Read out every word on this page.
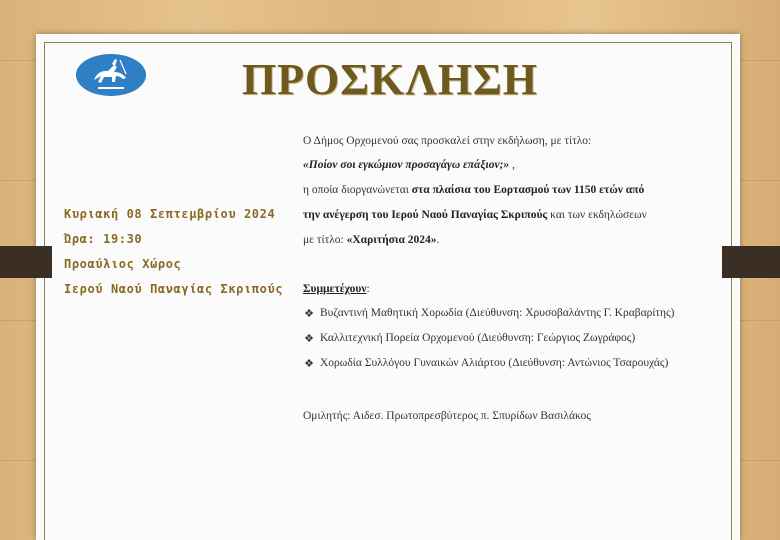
ΠΡΟΣΚΛΗΣΗ
Κυριακή 08 Σεπτεμβρίου 2024
Ώρα: 19:30
Προαύλιος Χώρος
Ιερού Ναού Παναγίας Σκριπούς
Ο Δήμος Ορχομενού σας προσκαλεί στην εκδήλωση, με τίτλο:
«Ποίον σοι εγκώμιον προσαγάγω επάξιον;» ,
η οποία διοργανώνεται στα πλαίσια του Εορτασμού των 1150 ετών από
την ανέγερση του Ιερού Ναού Παναγίας Σκριπούς και των εκδηλώσεων
με τίτλο: «Χαριτήσια 2024».
Συμμετέχουν:
❖ Βυζαντινή Μαθητική Χορωδία (Διεύθυνση: Χρυσοβαλάντης Γ. Κραβαρίτης)
❖ Καλλιτεχνική Πορεία Ορχομενού (Διεύθυνση: Γεώργιος Ζωγράφος)
❖ Χορωδία Συλλόγου Γυναικών Αλιάρτου (Διεύθυνση: Αντώνιος Τσαρουχάς)
Ομιλητής: Αιδεσ. Πρωτοπρεσβύτερος π. Σπυρίδων Βασιλάκος
